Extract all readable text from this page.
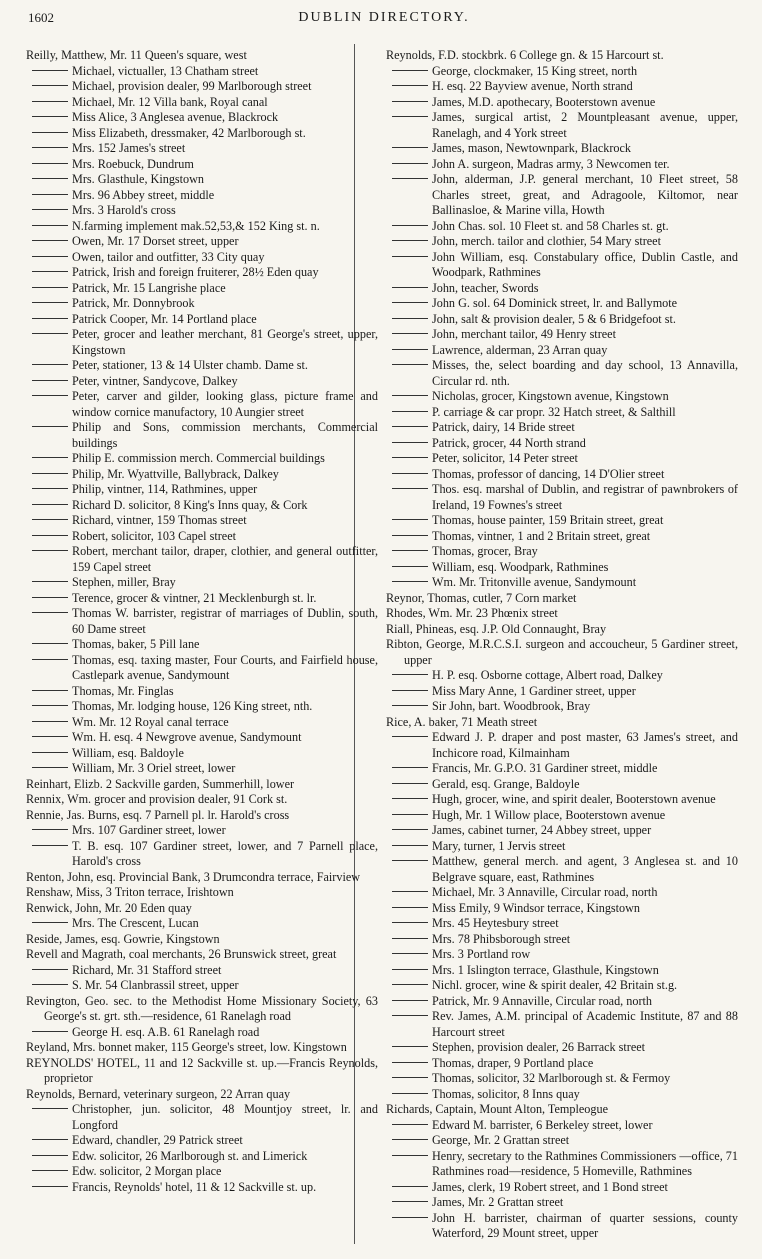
1602	DUBLIN DIRECTORY.

Reilly, Matthew, Mr. 11 Queen's square, west

Michael, victualler, 13 Chatham street

Michael, provision dealer, 99 Marlborough street

Michael, Mr. 12 Villa bank, Royal canal

Miss Alice, 3 Anglesea avenue, Blackrock

Miss Elizabeth, dressmaker, 42 Marlborough st.

Mrs. 152 James's street

Mrs. Roebuck, Dundrum

Mrs. Glasthule, Kingstown

Mrs. 96 Abbey street, middle

Mrs. 3 Harold's cross

N.farming implement mak.52,53,& 152 King st. n.

Owen, Mr. 17 Dorset street, upper

Owen, tailor and outfitter, 33 City quay

Patrick, Irish and foreign fruiterer, 28½ Eden quay

Patrick, Mr. 15 Langrishe place

Patrick, Mr. Donnybrook

Patrick Cooper, Mr. 14 Portland place

Peter, grocer and leather merchant, 81 George's street, upper, Kingstown

Peter, stationer, 13 & 14 Ulster chamb. Dame st.

Peter, vintner, Sandycove, Dalkey

Peter, carver and gilder, looking glass, picture frame and window cornice manufactory, 10 Aungier street

Philip and Sons, commission merchants, Commercial buildings

Philip E. commission merch. Commercial buildings

Philip, Mr. Wyattville, Ballybrack, Dalkey

Philip, vintner, 114, Rathmines, upper

Richard D. solicitor, 8 King's Inns quay, & Cork

Richard, vintner, 159 Thomas street

Robert, solicitor, 103 Capel street

Robert, merchant tailor, draper, clothier, and general outfitter, 159 Capel street

Stephen, miller, Bray

Terence, grocer & vintner, 21 Mecklenburgh st. lr.

Thomas W. barrister, registrar of marriages of Dublin, south, 60 Dame street

Thomas, baker, 5 Pill lane

Thomas, esq. taxing master, Four Courts, and Fairfield house, Castlepark avenue, Sandymount

Thomas, Mr. Finglas

Thomas, Mr. lodging house, 126 King street, nth.

Wm. Mr. 12 Royal canal terrace

Wm. H. esq. 4 Newgrove avenue, Sandymount

William, esq. Baldoyle

William, Mr. 3 Oriel street, lower

Reinhart, Elizb. 2 Sackville garden, Summerhill, lower

Rennix, Wm. grocer and provision dealer, 91 Cork st.

Rennie, Jas. Burns, esq. 7 Parnell pl. lr. Harold's cross

Mrs. 107 Gardiner street, lower

T. B. esq. 107 Gardiner street, lower, and 7 Parnell place, Harold's cross

Renton, John, esq. Provincial Bank, 3 Drumcondra terrace, Fairview

Renshaw, Miss, 3 Triton terrace, Irishtown

Renwick, John, Mr. 20 Eden quay

Mrs. The Crescent, Lucan

Reside, James, esq. Gowrie, Kingstown

Revell and Magrath, coal merchants, 26 Brunswick street, great

Richard, Mr. 31 Stafford street

S. Mr. 54 Clanbrassil street, upper

Revington, Geo. sec. to the Methodist Home Missionary Society, 63 George's st. grt. sth.—residence, 61 Ranelagh road

George H. esq. A.B. 61 Ranelagh road

Reyland, Mrs. bonnet maker, 115 George's street, low. Kingstown

REYNOLDS' HOTEL, 11 and 12 Sackville st. up.—Francis Reynolds, proprietor

Reynolds, Bernard, veterinary surgeon, 22 Arran quay

Christopher, jun. solicitor, 48 Mountjoy street, lr. and Longford

Edward, chandler, 29 Patrick street

Edw. solicitor, 26 Marlborough st. and Limerick

Edw. solicitor, 2 Morgan place

Francis, Reynolds' hotel, 11 & 12 Sackville st. up.

Reynolds, F.D. stockbrk. 6 College gn. & 15 Harcourt st.

George, clockmaker, 15 King street, north

H. esq. 22 Bayview avenue, North strand

James, M.D. apothecary, Booterstown avenue

James, surgical artist, 2 Mountpleasant avenue, upper, Ranelagh, and 4 York street

James, mason, Newtownpark, Blackrock

John A. surgeon, Madras army, 3 Newcomen ter.

John, alderman, J.P. general merchant, 10 Fleet street, 58 Charles street, great, and Adragoole, Kiltomor, near Ballinasloe, & Marine villa, Howth

John Chas. sol. 10 Fleet st. and 58 Charles st. gt.

John, merch. tailor and clothier, 54 Mary street

John William, esq. Constabulary office, Dublin Castle, and Woodpark, Rathmines

John, teacher, Swords

John G. sol. 64 Dominick street, lr. and Ballymote

John, salt & provision dealer, 5 & 6 Bridgefoot st.

John, merchant tailor, 49 Henry street

Lawrence, alderman, 23 Arran quay

Misses, the, select boarding and day school, 13 Annavilla, Circular rd. nth.

Nicholas, grocer, Kingstown avenue, Kingstown

P. carriage & car propr. 32 Hatch street, & Salthill

Patrick, dairy, 14 Bride street

Patrick, grocer, 44 North strand

Peter, solicitor, 14 Peter street

Thomas, professor of dancing, 14 D'Olier street

Thos. esq. marshal of Dublin, and registrar of pawnbrokers of Ireland, 19 Fownes's street

Thomas, house painter, 159 Britain street, great

Thomas, vintner, 1 and 2 Britain street, great

Thomas, grocer, Bray

William, esq. Woodpark, Rathmines

Wm. Mr. Tritonville avenue, Sandymount

Reynor, Thomas, cutler, 7 Corn market

Rhodes, Wm. Mr. 23 Phœnix street

Riall, Phineas, esq. J.P. Old Connaught, Bray

Ribton, George, M.R.C.S.I. surgeon and accoucheur, 5 Gardiner street, upper

H. P. esq. Osborne cottage, Albert road, Dalkey

Miss Mary Anne, 1 Gardiner street, upper

Sir John, bart. Woodbrook, Bray

Rice, A. baker, 71 Meath street

Edward J. P. draper and post master, 63 James's street, and Inchicore road, Kilmainham

Francis, Mr. G.P.O. 31 Gardiner street, middle

Gerald, esq. Grange, Baldoyle

Hugh, grocer, wine, and spirit dealer, Booterstown avenue

Hugh, Mr. 1 Willow place, Booterstown avenue

James, cabinet turner, 24 Abbey street, upper

Mary, turner, 1 Jervis street

Matthew, general merch. and agent, 3 Anglesea st. and 10 Belgrave square, east, Rathmines

Michael, Mr. 3 Annaville, Circular road, north

Miss Emily, 9 Windsor terrace, Kingstown

Mrs. 45 Heytesbury street

Mrs. 78 Phibsborough street

Mrs. 3 Portland row

Mrs. 1 Islington terrace, Glasthule, Kingstown

Nichl. grocer, wine & spirit dealer, 42 Britain st.g.

Patrick, Mr. 9 Annaville, Circular road, north

Rev. James, A.M. principal of Academic Institute, 87 and 88 Harcourt street

Stephen, provision dealer, 26 Barrack street

Thomas, draper, 9 Portland place

Thomas, solicitor, 32 Marlborough st. & Fermoy

Thomas, solicitor, 8 Inns quay

Richards, Captain, Mount Alton, Templeogue

Edward M. barrister, 6 Berkeley street, lower

George, Mr. 2 Grattan street

Henry, secretary to the Rathmines Commissioners —office, 71 Rathmines road—residence, 5 Homeville, Rathmines

James, clerk, 19 Robert street, and 1 Bond street

James, Mr. 2 Grattan street

John H. barrister, chairman of quarter sessions, county Waterford, 29 Mount street, upper
